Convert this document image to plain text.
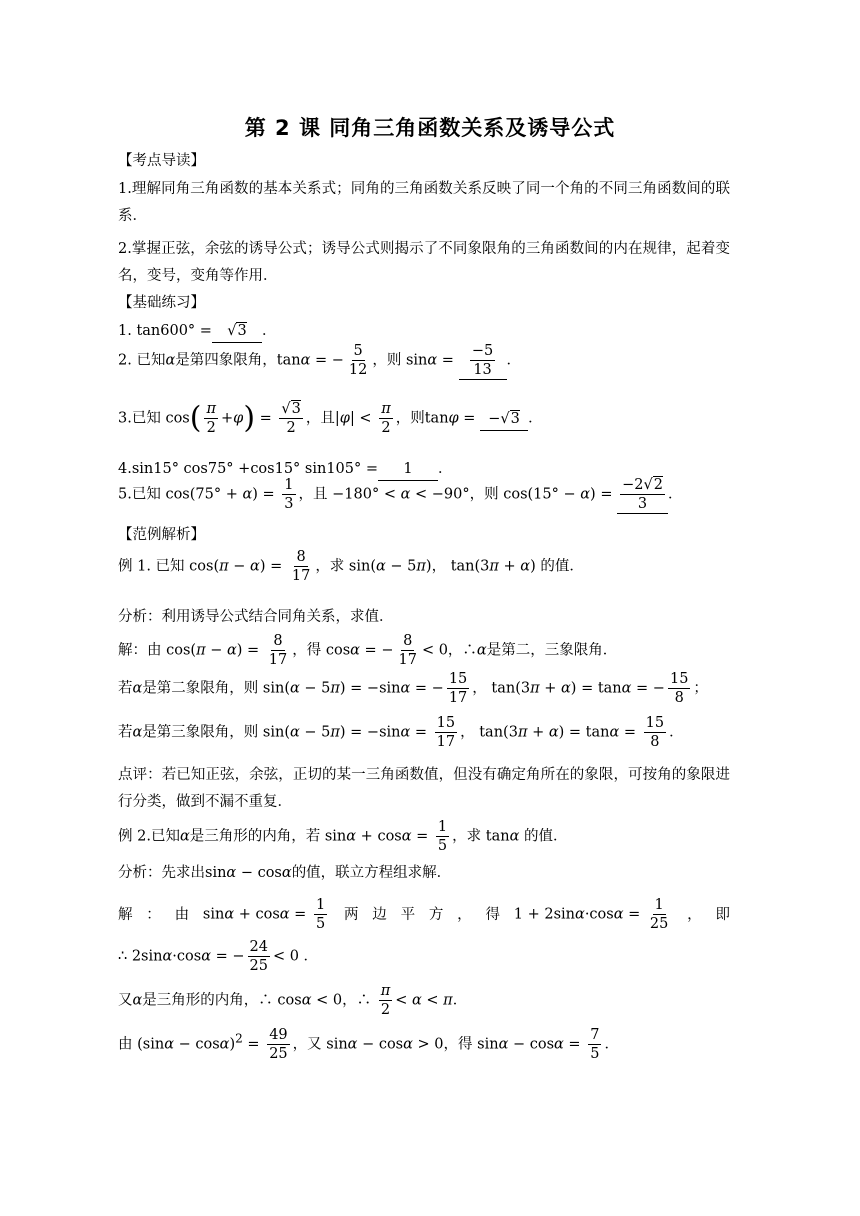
第 2 课 同角三角函数关系及诱导公式
【考点导读】
1.理解同角三角函数的基本关系式；同角的三角函数关系反映了同一个角的不同三角函数间的联系．
2.掌握正弦，余弦的诱导公式；诱导公式则揭示了不同象限角的三角函数间的内在规律，起着变名，变号，变角等作用．
【基础练习】
1. tan600° = √3 ．
2. 已知α是第四象限角，tanα = − $\frac{5}{12}$ ，则 $\sin\alpha = \frac{-5}{13}$ ．
3.已知 $\cos( \frac{\pi}{2} +\varphi) = \frac{√3}{2}$ ，且$|\varphi| < \frac{\pi}{2}$ ，则tanφ = −√3 ．
4.sin15° cos75° +cos15° sin105° = 1 ．
5.已知 $\cos(75^\circ + \alpha) = \frac{1}{3}$ ，且 −180° < α < −90°，则 $\cos(15^\circ - \alpha) = \frac{-2√2}{3}$ ．
【范例解析】
例 1. 已知 $\cos(\pi - \alpha) = \frac{8}{17}$ ，求 sin(α − 5π)， tan(3π + α) 的值．
分析：利用诱导公式结合同角关系，求值．
解：由 $\cos(\pi - \alpha) = \frac{8}{17}$ ，得 cosα = − $\frac{8}{17} < 0$，∴α是第二，三象限角．
若α是第二象限角，则 sin(α − 5π) = −sinα = − $\frac{15}{17}$ ， tan(3π + α) = tanα = − $\frac{15}{8}$ ；
若α是第三象限角，则 $\sin(\alpha - 5\pi) = -\sin\alpha = \frac{15}{17}$ ， $\tan(3\pi + \alpha) = \tan\alpha = \frac{15}{8}$ ．
点评：若已知正弦，余弦，正切的某一三角函数值，但没有确定角所在的象限，可按角的象限进行分类，做到不漏不重复．
例 2.已知α是三角形的内角，若 $\sin\alpha + \cos\alpha = \frac{1}{5}$ ，求 tanα 的值．
分析：先求出sinα − cosα的值，联立方程组求解．
解 ： 由 $\sin\alpha + \cos\alpha = \frac{1}{5}$ 两 边 平 方 ， 得 $1 + 2\sin\alpha\cdot\cos\alpha = \frac{1}{25}$ ， 即
∴ 2sinα·cosα = − $\frac{24}{25} < 0$ ．
又α是三角形的内角，∴ cosα < 0，∴ $\frac{\pi}{2} < \alpha < \pi$．
由 $(\sin\alpha - \cos\alpha)^2 = \frac{49}{25}$ ，又 sinα − cosα > 0，得 $\sin\alpha - \cos\alpha = \frac{7}{5}$ ．
